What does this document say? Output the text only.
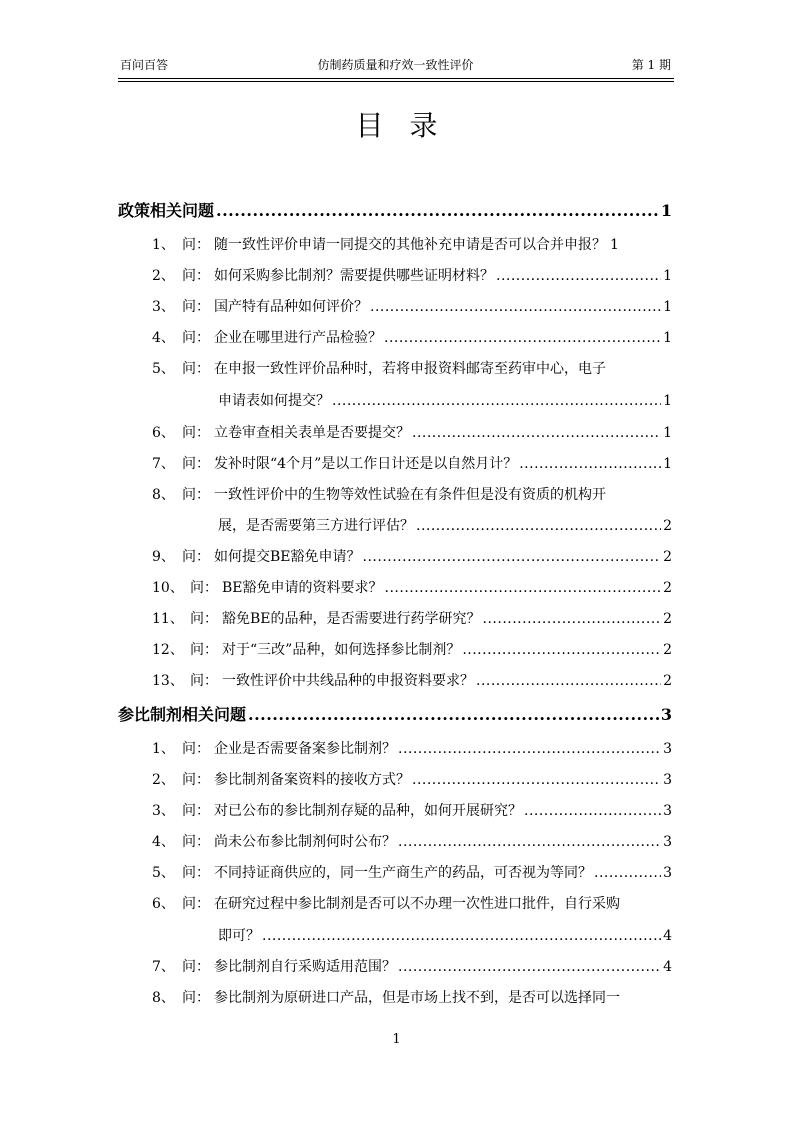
百问百答	仿制药质量和疗效一致性评价	第 1 期
目录
政策相关问题 .....	1
1、 问： 随一致性评价申请一同提交的其他补充申请是否可以合并申报？ 1
2、 问： 如何采购参比制剂？需要提供哪些证明材料？ .....	1
3、 问： 国产特有品种如何评价？ .....	1
4、 问： 企业在哪里进行产品检验？ .....	1
5、 问： 在申报一致性评价品种时，若将申报资料邮寄至药审中心，电子
申请表如何提交？ .....	1
6、 问： 立卷审查相关表单是否要提交？ .....	1
7、 问： 发补时限“4个月”是以工作日计还是以自然月计？ .....	1
8、 问： 一致性评价中的生物等效性试验在有条件但是没有资质的机构开
展，是否需要第三方进行评估？ .....	2
9、 问： 如何提交BE豁免申请？ .....	2
10、 问： BE豁免申请的资料要求？ .....	2
11、 问： 豁免BE的品种，是否需要进行药学研究？ .....	2
12、 问： 对于“三改”品种，如何选择参比制剂？ .....	2
13、 问： 一致性评价中共线品种的申报资料要求？ .....	2
参比制剂相关问题 .....	3
1、 问： 企业是否需要备案参比制剂？ .....	3
2、 问： 参比制剂备案资料的接收方式？ .....	3
3、 问： 对已公布的参比制剂存疑的品种，如何开展研究？ .....	3
4、 问： 尚未公布参比制剂何时公布？ .....	3
5、 问： 不同持证商供应的，同一生产商生产的药品，可否视为等同？ .....	3
6、 问： 在研究过程中参比制剂是否可以不办理一次性进口批件，自行采购
即可？ .....	4
7、 问： 参比制剂自行采购适用范围？ .....	4
8、 问： 参比制剂为原研进口产品，但是市场上找不到，是否可以选择同一
1
